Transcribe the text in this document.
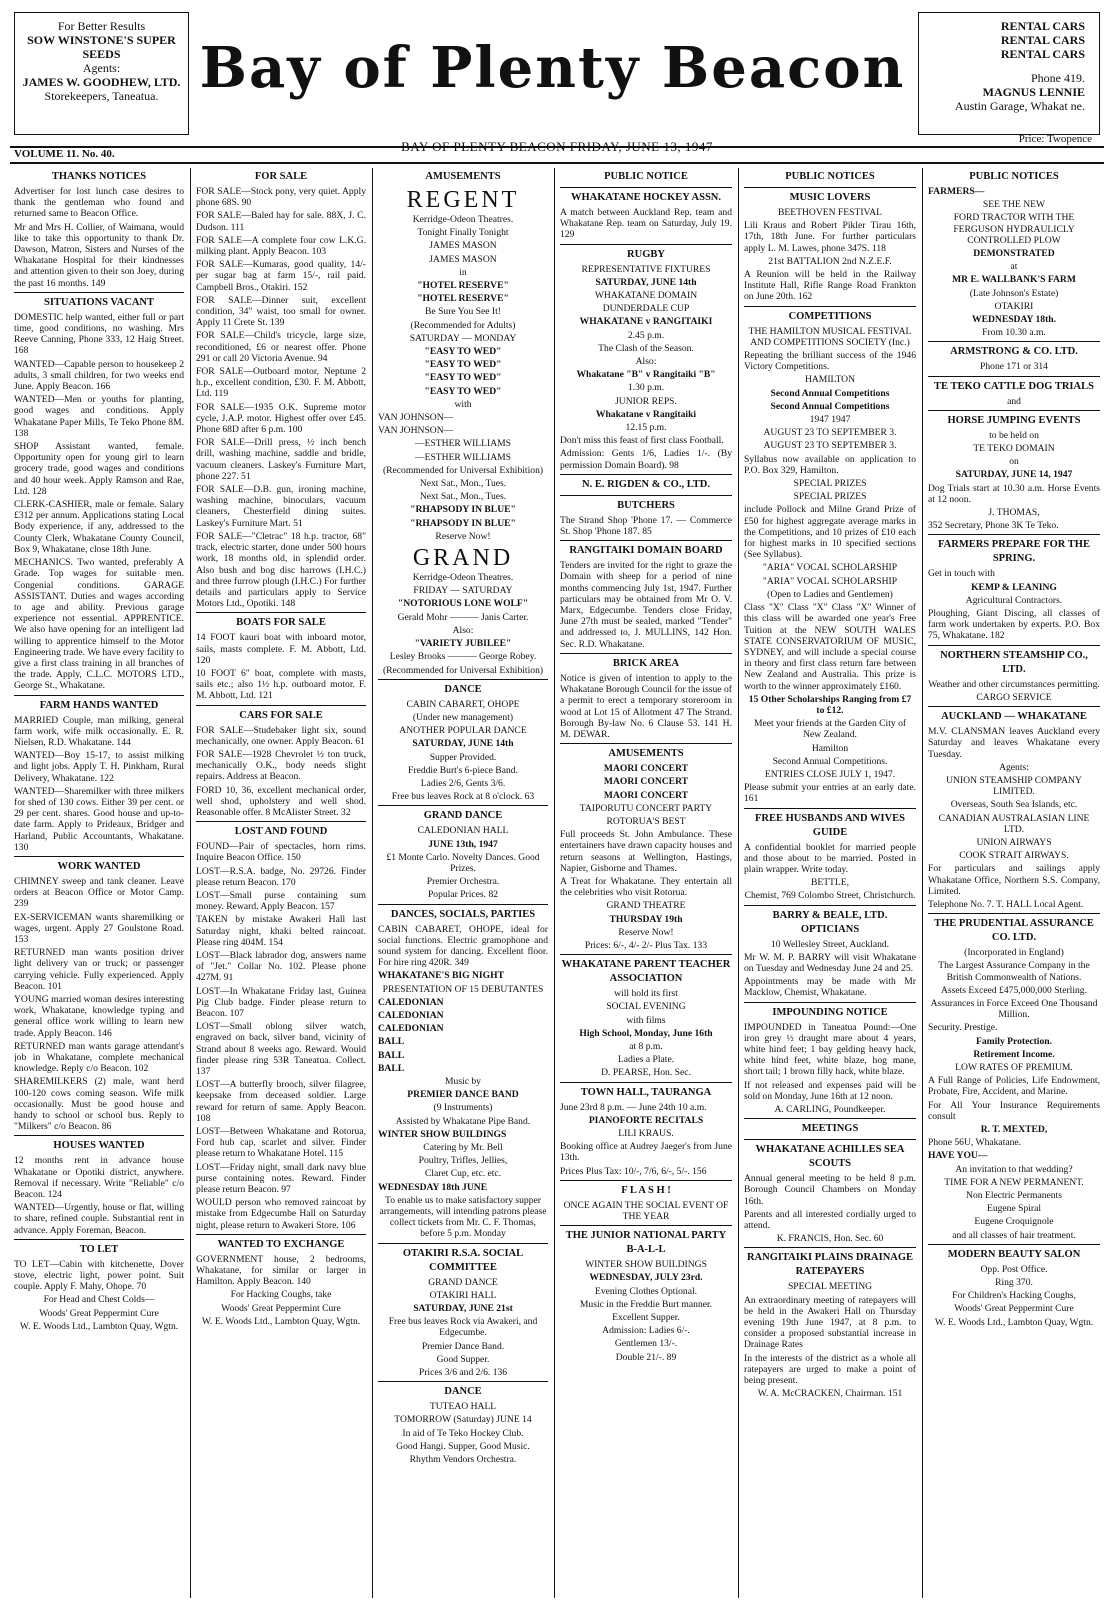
For Better Results
SOW WINSTONE'S SUPER
SEEDS
Agents:
JAMES W. GOODHEW, LTD.
Storekeepers, Taneatua. Bay of Plenty Beacon
RENTAL CARS
RENTAL CARS
RENTAL CARS
Phone 419.
MAGNUS LENNIE
Austin Garage, Whakat ne.
Price: Twopence
VOLUME 11. No. 40.	BAY OF PLENTY BEACON FRIDAY, JUNE 13, 1947
THANKS NOTICES
Advertiser for lost lunch case desires to thank the gentleman who found and returned same to Beacon Office.
Mr and Mrs H. Collier, of Waimana, would like to take this opportunity to thank Dr. Dawson, Matron, Sisters and Nurses of the Whakatane Hospital for their kindnesses and attention given to their son Joey, during the past 16 months. 149
SITUATIONS VACANT
DOMESTIC help wanted, either full or part time, good conditions, no washing. Mrs Reeve Canning, Phone 333, 12 Haig Street. 168
WANTED—Capable person to housekeep 2 adults, 3 small children, for two weeks end June. Apply Beacon. 166
WANTED—Men or youths for planting, good wages and conditions. Apply Whakatane Paper Mills, Te Teko Phone 8M. 138
SHOP Assistant wanted, female. Opportunity open for young girl to learn grocery trade, good wages and conditions and 40 hour week. Apply Ramson and Rae, Ltd. 128
CLERK-CASHIER, male or female. Salary £312 per annum. Applications stating Local Body experience, if any, addressed to the County Clerk, Whakatane County Council, Box 9, Whakatane, close 18th June.
MECHANICS. Two wanted, preferably A Grade. Top wages for suitable men. Congenial conditions. GARAGE ASSISTANT. Duties and wages according to age and ability. Previous garage experience not essential. APPRENTICE. We also have opening for an intelligent lad willing to apprentice himself to the Motor Engineering trade. We have every facility to give a first class training in all branches of the trade. Apply, C.L.C. MOTORS LTD., George St., Whakatane.
FARM HANDS WANTED
MARRIED Couple, man milking, general farm work, wife milk occasionally. E. R. Nielsen, R.D. Whakatane. 144
WANTED—Boy 15-17, to assist milking and light jobs. Apply T. H. Pinkham, Rural Delivery, Whakatane. 122
WANTED—Sharemilker with three milkers for shed of 130 cows. Either 39 per cent. or 29 per cent. shares. Good house and up-to-date farm. Apply to Prideaux, Bridger and Harland, Public Accountants, Whakatane. 130
WORK WANTED
CHIMNEY sweep and tank cleaner. Leave orders at Beacon Office or Motor Camp. 239
EX-SERVICEMAN wants sharemilking or wages, urgent. Apply 27 Goulstone Road. 153
RETURNED man wants position driver light delivery van or truck; or passenger carrying vehicle. Fully experienced. Apply Beacon. 101
YOUNG married woman desires interesting work, Whakatane, knowledge typing and general office work willing to learn new trade. Apply Beacon. 146
RETURNED man wants garage attendant's job in Whakatane, complete mechanical knowledge. Reply c/o Beacon. 102
SHAREMILKERS (2) male, want herd 100-120 cows coming season. Wife milk occasionally. Must be good house and handy to school or school bus. Reply to "Milkers" c/o Beacon. 86
HOUSES WANTED
12 months rent in advance house Whakatane or Opotiki district, anywhere. Removal if necessary. Write "Reliable" c/o Beacon. 124
WANTED—Urgently, house or flat, willing to share, refined couple. Substantial rent in advance. Apply Foreman, Beacon.
TO LET
TO LET—Cabin with kitchenette, Dover stove, electric light, power point. Suit couple. Apply F. Mahy, Ohope. 70
For Head and Chest Colds—
Woods' Great Peppermint Cure
W. E. Woods Ltd., Lambton Quay, Wgtn.
FOR SALE
FOR SALE—Stock pony, very quiet. Apply phone 68S. 90
FOR SALE—Baled hay for sale. 88X, J. C. Dudson. 111
FOR SALE—A complete four cow L.K.G. milking plant. Apply Beacon. 103
FOR SALE—Kumaras, good quality, 14/- per sugar bag at farm 15/-, rail paid. Campbell Bros., Otakiri. 152
FOR SALE—Dinner suit, excellent condition, 34" waist, too small for owner. Apply 11 Crete St. 139
FOR SALE—Child's tricycle, large size, reconditioned, £6 or nearest offer. Phone 291 or call 20 Victoria Avenue. 94
FOR SALE—Outboard motor, Neptune 2 h.p., excellent condition, £30. F. M. Abbott, Ltd. 119
FOR SALE—1935 O.K. Supreme motor cycle, J.A.P. motor. Highest offer over £45. Phone 68D after 6 p.m. 100
FOR SALE—Drill press, ½ inch bench drill, washing machine, saddle and bridle, vacuum cleaners. Laskey's Furniture Mart, phone 227. 51
FOR SALE—D.B. gun, ironing machine, washing machine, binoculars, vacuum cleaners, Chesterfield dining suites. Laskey's Furniture Mart. 51
FOR SALE—"Cletrac" 18 h.p. tractor, 68" track, electric starter, done under 500 hours work, 18 months old, in splendid order. Also bush and bog disc harrows (I.H.C.) and three furrow plough (I.H.C.) For further details and particulars apply to Service Motors Ltd., Opotiki. 148
BOATS FOR SALE
14 FOOT kauri boat with inboard motor, sails, masts complete. F. M. Abbott, Ltd. 120
10 FOOT 6" boat, complete with masts, sails etc.; also 1½ h.p. outboard motor. F. M. Abbott, Ltd. 121
CARS FOR SALE
FOR SALE—Studebaker light six, sound mechanically, one owner. Apply Beacon. 61
FOR SALE—1928 Chevrolet ½ ton truck, mechanically O.K., body needs slight repairs. Address at Beacon.
FORD 10, 36, excellent mechanical order, well shod, upholstery and well shod. Reasonable offer. 8 McAlister Street. 32
LOST AND FOUND
FOUND—Pair of spectacles, horn rims. Inquire Beacon Office. 150
LOST—R.S.A. badge, No. 29726. Finder please return Beacon. 170
LOST—Small purse containing sum money. Reward. Apply Beacon. 157
TAKEN by mistake Awakeri Hall last Saturday night, khaki belted raincoat. Please ring 404M. 154
LOST—Black labrador dog, answers name of "Jet." Collar No. 102. Please phone 427M. 91
LOST—In Whakatane Friday last, Guinea Pig Club badge. Finder please return to Beacon. 107
LOST—Small oblong silver watch, engraved on back, silver band, vicinity of Strand about 8 weeks ago. Reward. Would finder please ring 53R Taneatua. Collect. 137
LOST—A butterfly brooch, silver filagree, keepsake from deceased soldier. Large reward for return of same. Apply Beacon. 108
LOST—Between Whakatane and Rotorua, Ford hub cap, scarlet and silver. Finder please return to Whakatane Hotel. 115
LOST—Friday night, small dark navy blue purse containing notes. Reward. Finder please return Beacon. 97
WOULD person who removed raincoat by mistake from Edgecumbe Hall on Saturday night, please return to Awakeri Store. 106
WANTED TO EXCHANGE
GOVERNMENT house, 2 bedrooms, Whakatane, for similar or larger in Hamilton. Apply Beacon. 140
For Hacking Coughs, take
Woods' Great Peppermint Cure
W. E. Woods Ltd., Lambton Quay, Wgtn.
AMUSEMENTS
REGENT
Kerridge-Odeon Theatres.
Tonight Finally Tonight
JAMES MASON
JAMES MASON
in
"HOTEL RESERVE"
"HOTEL RESERVE"
Be Sure You See It!
(Recommended for Adults)
SATURDAY — MONDAY
"EASY TO WED"
"EASY TO WED"
"EASY TO WED"
"EASY TO WED"
with
VAN JOHNSON—
VAN JOHNSON—
—ESTHER WILLIAMS
—ESTHER WILLIAMS
(Recommended for Universal Exhibition)
Next Sat., Mon., Tues.
Next Sat., Mon., Tues.
"RHAPSODY IN BLUE"
"RHAPSODY IN BLUE"
Reserve Now!
GRAND
Kerridge-Odeon Theatres.
FRIDAY — SATURDAY
"NOTORIOUS LONE WOLF"
Gerald Mohr ——— Janis Carter.
Also:
"VARIETY JUBILEE"
Lesley Brooks ——— George Robey.
(Recommended for Universal Exhibition)
DANCE
CABIN CABARET, OHOPE
(Under new management)
ANOTHER POPULAR DANCE
SATURDAY, JUNE 14th
Supper Provided.
Freddie Burt's 6-piece Band.
Ladies 2/6, Gents 3/6.
Free bus leaves Rock at 8 o'clock. 63
GRAND DANCE
CALEDONIAN HALL
JUNE 13th, 1947
£1 Monte Carlo. Novelty Dances. Good Prizes.
Premier Orchestra.
Popular Prices. 82
DANCES, SOCIALS, PARTIES
CABIN CABARET, OHOPE, ideal for social functions. Electric gramophone and sound system for dancing. Excellent floor. For hire ring 420R. 349
WHAKATANE'S BIG NIGHT
PRESENTATION OF 15 DEBUTANTES
CALEDONIAN
CALEDONIAN
CALEDONIAN
BALL
BALL
BALL
Music by
PREMIER DANCE BAND
(9 Instruments)
Assisted by Whakatane Pipe Band.
WINTER SHOW BUILDINGS
Catering by Mr. Bell
Poultry, Trifles, Jellies,
Claret Cup, etc. etc.
WEDNESDAY 18th JUNE
To enable us to make satisfactory supper arrangements, will intending patrons please collect tickets from Mr. C. F. Thomas, before 5 p.m. Monday
OTAKIRI R.S.A. SOCIAL COMMITTEE
GRAND DANCE
OTAKIRI HALL
SATURDAY, JUNE 21st
Free bus leaves Rock via Awakeri, and Edgecumbe.
Premier Dance Band.
Good Supper.
Prices 3/6 and 2/6. 136
DANCE
TUTEAO HALL
TOMORROW (Saturday) JUNE 14
In aid of Te Teko Hockey Club.
Good Hangi. Supper, Good Music.
Rhythm Vendors Orchestra.
PUBLIC NOTICE
WHAKATANE HOCKEY ASSN.
A match between Auckland Rep. team and Whakatane Rep. team on Saturday, July 19. 129
RUGBY
REPRESENTATIVE FIXTURES
SATURDAY, JUNE 14th
WHAKATANE DOMAIN
DUNDERDALE CUP
WHAKATANE v RANGITAIKI
2.45 p.m.
The Clash of the Season.
Also:
Whakatane "B" v Rangitaiki "B"
1.30 p.m.
JUNIOR REPS.
Whakatane v Rangitaiki
12.15 p.m.
Don't miss this feast of first class Football.
Admission: Gents 1/6, Ladies 1/-. (By permission Domain Board). 98
N. E. RIGDEN & CO., LTD.
BUTCHERS
The Strand Shop 'Phone 17. — Commerce St. Shop 'Phone 187. 85
RANGITAIKI DOMAIN BOARD
Tenders are invited for the right to graze the Domain with sheep for a period of nine months commencing July 1st, 1947. Further particulars may be obtained from Mr O. V. Marx, Edgecumbe. Tenders close Friday, June 27th must be sealed, marked "Tender" and addressed to, J. MULLINS, 142 Hon. Sec. R.D. Whakatane.
BRICK AREA
Notice is given of intention to apply to the Whakatane Borough Council for the issue of a permit to erect a temporary storeroom in wood at Lot 15 of Allotment 47 The Strand. Borough By-law No. 6 Clause 53. 141 H. M. DEWAR.
AMUSEMENTS
MAORI CONCERT
MAORI CONCERT
MAORI CONCERT
TAIPORUTU CONCERT PARTY
ROTORUA'S BEST
Full proceeds St. John Ambulance. These entertainers have drawn capacity houses and return seasons at Wellington, Hastings, Napier, Gisborne and Thames.
A Treat for Whakatane. They entertain all the celebrities who visit Rotorua.
GRAND THEATRE
THURSDAY 19th
Reserve Now!
Prices: 6/-, 4/- 2/- Plus Tax. 133
WHAKATANE PARENT TEACHER ASSOCIATION
will hold its first
SOCIAL EVENING
with films
High School, Monday, June 16th
at 8 p.m.
Ladies a Plate.
D. PEARSE, Hon. Sec.
TOWN HALL, TAURANGA
June 23rd 8 p.m. — June 24th 10 a.m.
PIANOFORTE RECITALS
LILI KRAUS.
Booking office at Audrey Jaeger's from June 13th.
Prices Plus Tax: 10/-, 7/6, 6/-, 5/-. 156
F L A S H !
ONCE AGAIN THE SOCIAL EVENT OF THE YEAR
THE JUNIOR NATIONAL PARTY B-A-L-L
WINTER SHOW BUILDINGS
WEDNESDAY, JULY 23rd.
Evening Clothes Optional.
Music in the Freddie Burt manner.
Excellent Supper.
Admission: Ladies 6/-.
Gentlemen 13/-.
Double 21/-. 89
PUBLIC NOTICES
MUSIC LOVERS
BEETHOVEN FESTIVAL
Lili Kraus and Robert Pikler Tirau 16th, 17th, 18th June. For further particulars apply L. M. Lawes, phone 347S. 118
21st BATTALION 2nd N.Z.E.F.
A Reunion will be held in the Railway Institute Hall, Rifle Range Road Frankton on June 20th. 162
COMPETITIONS
THE HAMILTON MUSICAL FESTIVAL AND COMPETITIONS SOCIETY (Inc.)
Repeating the brilliant success of the 1946 Victory Competitions.
HAMILTON
Second Annual Competitions
Second Annual Competitions
1947 1947
AUGUST 23 TO SEPTEMBER 3.
AUGUST 23 TO SEPTEMBER 3.
Syllabus now available on application to P.O. Box 329, Hamilton.
SPECIAL PRIZES
SPECIAL PRIZES
include Pollock and Milne Grand Prize of £50 for highest aggregate average marks in the Competitions, and 10 prizes of £10 each for highest marks in 10 specified sections (See Syllabus).
"ARIA" VOCAL SCHOLARSHIP
"ARIA" VOCAL SCHOLARSHIP
(Open to Ladies and Gentlemen)
Class "X" Class "X" Class "X" Winner of this class will be awarded one year's Free Tuition at the NEW SOUTH WALES STATE CONSERVATORIUM OF MUSIC, SYDNEY, and will include a special course in theory and first class return fare between New Zealand and Australia. This prize is worth to the winner approximately £160.
15 Other Scholarships Ranging from £7 to £12.
Meet your friends at the Garden City of New Zealand.
Hamilton
Second Annual Competitions.
ENTRIES CLOSE JULY 1, 1947.
Please submit your entries at an early date. 161
FREE HUSBANDS AND WIVES GUIDE
A confidential booklet for married people and those about to be married. Posted in plain wrapper. Write today.
BETTLE,
Chemist, 769 Colombo Street, Christchurch.
BARRY & BEALE, LTD. OPTICIANS
10 Wellesley Street, Auckland.
Mr W. M. P. BARRY will visit Whakatane on Tuesday and Wednesday June 24 and 25.
Appointments may be made with Mr Macklow, Chemist, Whakatane.
IMPOUNDING NOTICE
IMPOUNDED in Taneatua Pound:—One iron grey ½ draught mare about 4 years, white hind feet; 1 bay gelding heavy hack, white hind feet, white blaze, hog mane, short tail; 1 brown filly hack, white blaze.
If not released and expenses paid will be sold on Monday, June 16th at 12 noon.
A. CARLING, Poundkeeper.
MEETINGS
WHAKATANE ACHILLES SEA SCOUTS
Annual general meeting to be held 8 p.m. Borough Council Chambers on Monday 16th.
Parents and all interested cordially urged to attend.
K. FRANCIS, Hon. Sec. 60
RANGITAIKI PLAINS DRAINAGE RATEPAYERS
SPECIAL MEETING
An extraordinary meeting of ratepayers will be held in the Awakeri Hall on Thursday evening 19th June 1947, at 8 p.m. to consider a proposed substantial increase in Drainage Rates
In the interests of the district as a whole all ratepayers are urged to make a point of being present.
W. A. McCRACKEN, Chairman. 151
PUBLIC NOTICES
FARMERS—
SEE THE NEW
FORD TRACTOR WITH THE FERGUSON HYDRAULICLY CONTROLLED PLOW
DEMONSTRATED
at
MR E. WALLBANK'S FARM
(Late Johnson's Estate)
OTAKIRI
WEDNESDAY 18th.
From 10.30 a.m.
ARMSTRONG & CO. LTD.
Phone 171 or 314
TE TEKO CATTLE DOG TRIALS
and
HORSE JUMPING EVENTS
to be held on
TE TEKO DOMAIN
on
SATURDAY, JUNE 14, 1947
Dog Trials start at 10.30 a.m. Horse Events at 12 noon.
J. THOMAS,
352 Secretary, Phone 3K Te Teko.
FARMERS PREPARE FOR THE SPRING.
Get in touch with
KEMP & LEANING
Agricultural Contractors.
Ploughing, Giant Discing, all classes of farm work undertaken by experts. P.O. Box 75, Whakatane. 182
NORTHERN STEAMSHIP CO., LTD.
Weather and other circumstances permitting.
CARGO SERVICE
AUCKLAND — WHAKATANE
M.V. CLANSMAN leaves Auckland every Saturday and leaves Whakatane every Tuesday.
Agents:
UNION STEAMSHIP COMPANY LIMITED.
Overseas, South Sea Islands, etc.
CANADIAN AUSTRALASIAN LINE LTD.
UNION AIRWAYS
COOK STRAIT AIRWAYS.
For particulars and sailings apply Whakatane Office, Northern S.S. Company, Limited.
Telephone No. 7. T. HALL Local Agent.
THE PRUDENTIAL ASSURANCE CO. LTD.
(Incorporated in England)
The Largest Assurance Company in the British Commonwealth of Nations.
Assets Exceed £475,000,000 Sterling.
Assurances in Force Exceed One Thousand Million.
Security. Prestige.
Family Protection.
Retirement Income.
LOW RATES OF PREMIUM.
A Full Range of Policies, Life Endowment, Probate, Fire, Accident, and Marine.
For All Your Insurance Requirements consult
R. T. MEXTED,
Phone 56U, Whakatane.
HAVE YOU—
An invitation to that wedding?
TIME FOR A NEW PERMANENT.
Non Electric Permanents
Eugene Spiral
Eugene Croquignole
and all classes of hair treatment.
MODERN BEAUTY SALON
Opp. Post Office.
Ring 370.
For Children's Hacking Coughs,
Woods' Great Peppermint Cure
W. E. Woods Ltd., Lambton Quay, Wgtn.
